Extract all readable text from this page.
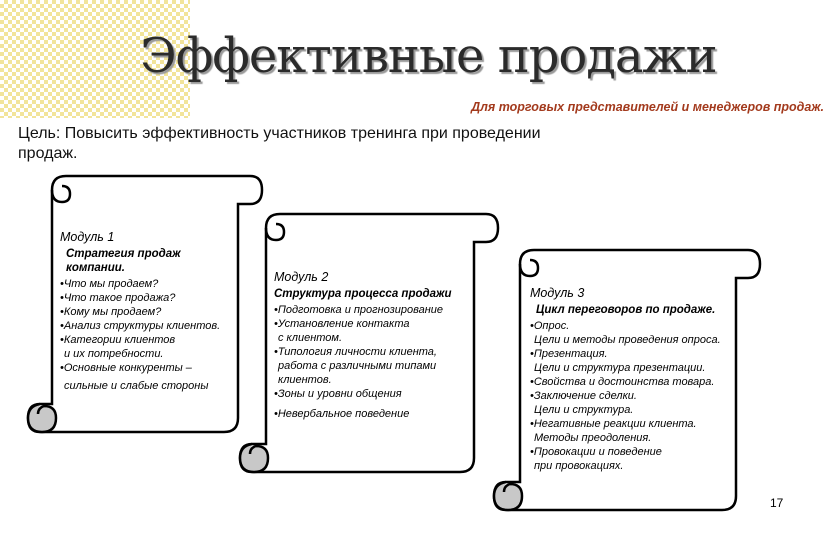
Эффективные продажи
Для торговых представителей и менеджеров продаж.
Цель: Повысить эффективность участников тренинга при проведении продаж.
Модуль 1
Стратегия продаж компании.
•Что мы продаем?
•Что такое продажа?
•Кому мы продаем?
•Анализ структуры клиентов.
•Категории клиентов
и их потребности.
•Основные конкуренты –
сильные и слабые стороны
Модуль 2
Структура процесса продажи
•Подготовка и прогнозирование
•Установление контакта
с клиентом.
•Типология личности клиента,
работа с различными типами клиентов.
•Зоны и уровни общения
•Невербальное поведение
Модуль 3
Цикл переговоров по продаже.
•Опрос.
Цели и методы проведения опроса.
•Презентация.
Цели и структура презентации.
•Свойства и достоинства товара.
•Заключение сделки.
Цели и структура.
•Негативные реакции клиента.
Методы преодоления.
•Провокации и поведение
при провокациях.
17
